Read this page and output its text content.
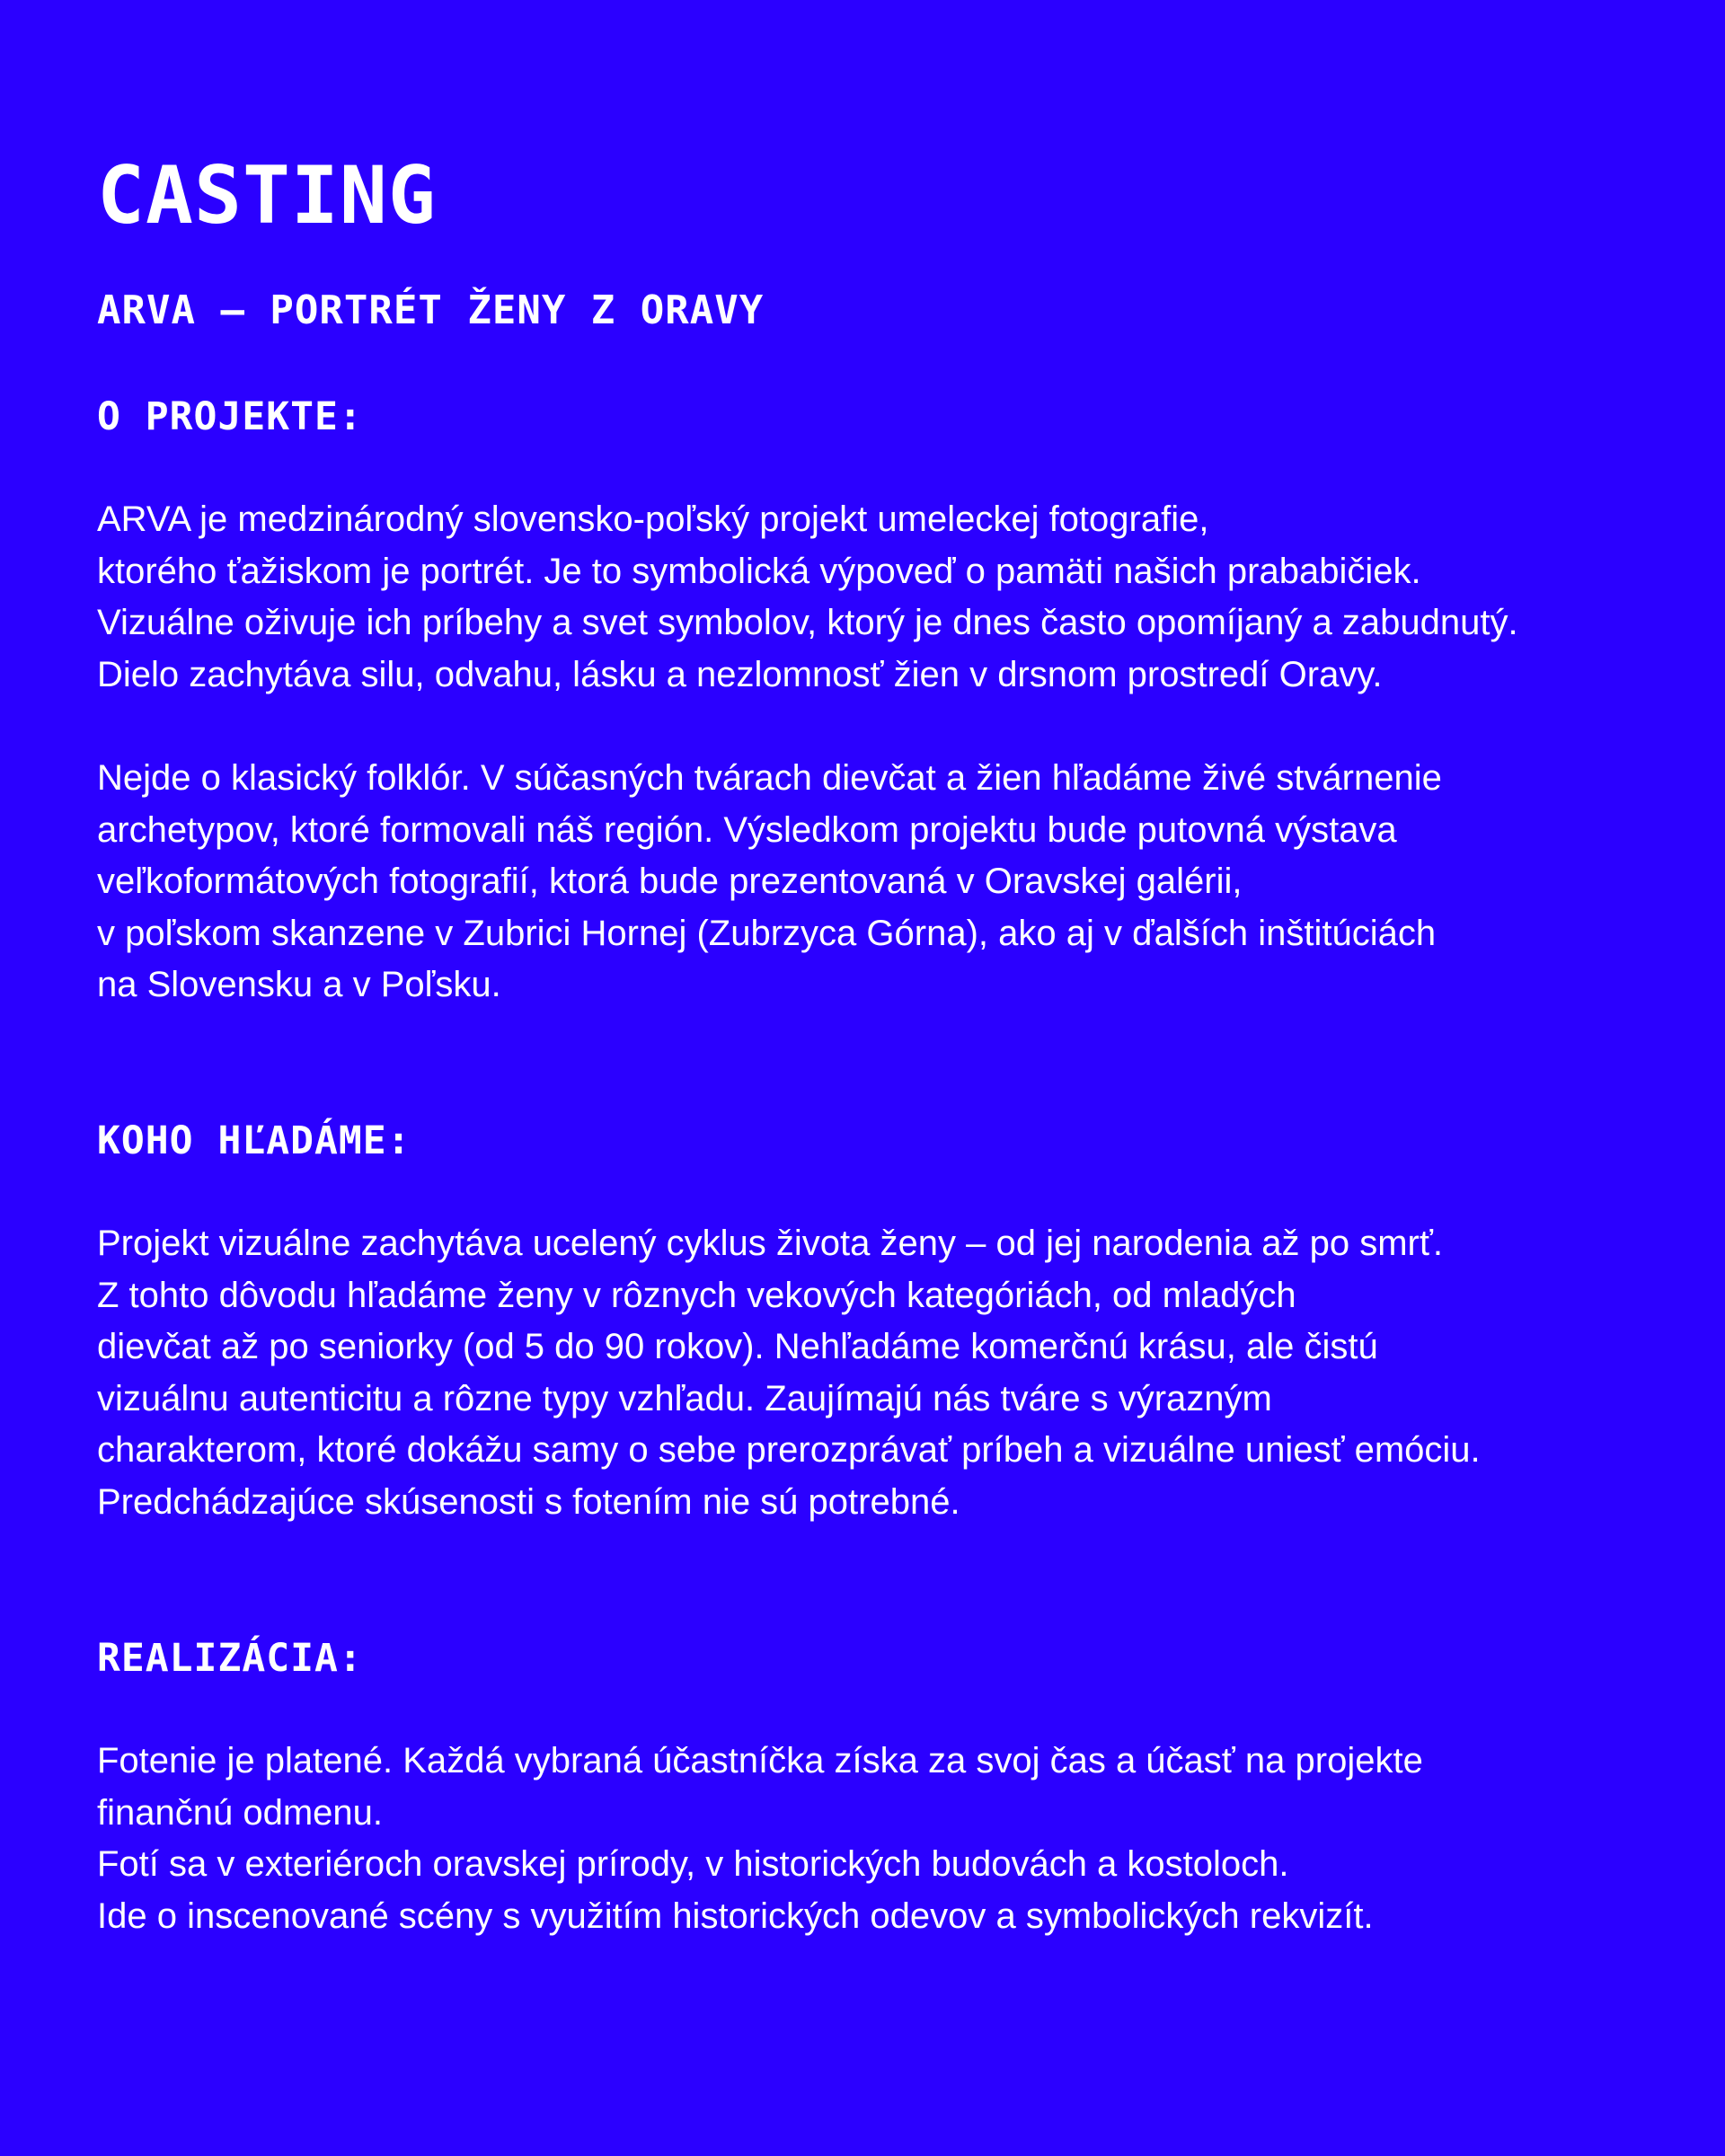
CASTING
ARVA – PORTRÉT ŽENY Z ORAVY
O PROJEKTE:

ARVA je medzinárodný slovensko-poľský projekt umeleckej fotografie,
ktorého ťažiskom je portrét. Je to symbolická výpoveď o pamäti našich prababičiek.
Vizuálne oživuje ich príbehy a svet symbolov, ktorý je dnes často opomíjaný a zabudnutý.
Dielo zachytáva silu, odvahu, lásku a nezlomnosť žien v drsnom prostredí Oravy.

Nejde o klasický folklór. V súčasných tvárach dievčat a žien hľadáme živé stvárnenie
archetypov, ktoré formovali náš región. Výsledkom projektu bude putovná výstava
veľkoformátových fotografií, ktorá bude prezentovaná v Oravskej galérii,
v poľskom skanzene v Zubrici Hornej (Zubrzyca Górna), ako aj v ďalších inštitúciách
na Slovensku a v Poľsku.

KOHO HĽADÁME:

Projekt vizuálne zachytáva ucelený cyklus života ženy – od jej narodenia až po smrť.
Z tohto dôvodu hľadáme ženy v rôznych vekových kategóriách, od mladých
dievčat až po seniorky (od 5 do 90 rokov). Nehľadáme komerčnú krásu, ale čistú
vizuálnu autenticitu a rôzne typy vzhľadu. Zaujímajú nás tváre s výrazným
charakterom, ktoré dokážu samy o sebe prerozprávať príbeh a vizuálne uniesť emóciu.
Predchádzajúce skúsenosti s fotením nie sú potrebné.

REALIZÁCIA:

Fotenie je platené. Každá vybraná účastníčka získa za svoj čas a účasť na projekte
finančnú odmenu.
Fotí sa v exteriéroch oravskej prírody, v historických budovách a kostoloch.
Ide o inscenované scény s využitím historických odevov a symbolických rekvizít.
